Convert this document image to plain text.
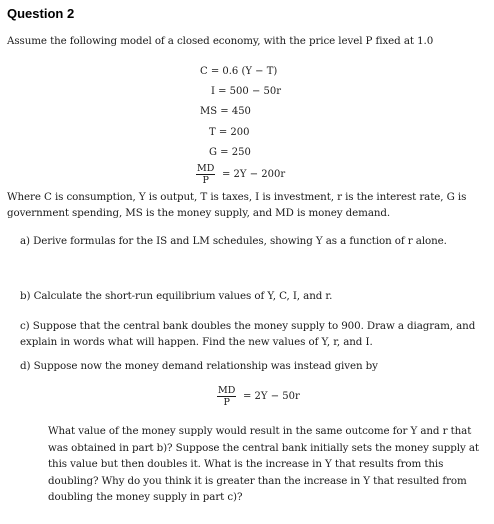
Question 2
Assume the following model of a closed economy, with the price level P fixed at 1.0
C = 0.6 (Y − T)
I = 500 − 50r
MS = 450
T = 200
G = 250
$\frac{MD}{P} = 2Y - 200r$
Where C is consumption, Y is output, T is taxes, I is investment, r is the interest rate, G is government spending, MS is the money supply, and MD is money demand.
a) Derive formulas for the IS and LM schedules, showing Y as a function of r alone.
b) Calculate the short-run equilibrium values of Y, C, I, and r.
c) Suppose that the central bank doubles the money supply to 900. Draw a diagram, and explain in words what will happen. Find the new values of Y, r, and I.
d) Suppose now the money demand relationship was instead given by
$\frac{MD}{P} = 2Y - 50r$
What value of the money supply would result in the same outcome for Y and r that was obtained in part b)? Suppose the central bank initially sets the money supply at this value but then doubles it. What is the increase in Y that results from this doubling? Why do you think it is greater than the increase in Y that resulted from doubling the money supply in part c)?
